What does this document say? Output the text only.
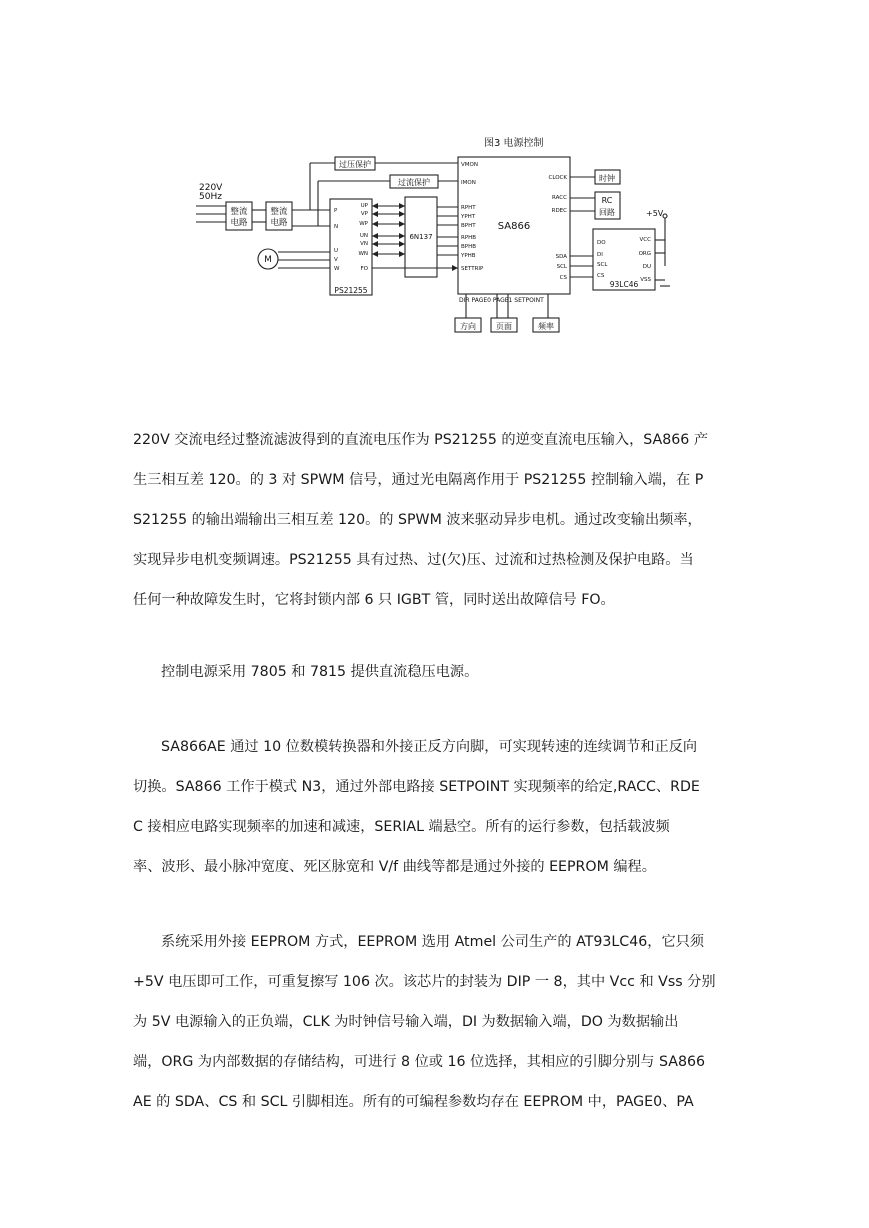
图3 电源控制
220V
50Hz
整流
电路
整流
电路
M
PS21255
6N137
SA866
过压保护
过流保护	时钟
RC
回路
93LC46
+5V
方向	页面	频率
DIR PAGE0 PAGE1 SETPOINT
P
N
U
V
W
UP
VP
WP
UN
VN
WN
FO
VMON
IMON
RPHT
YPHT
BPHT
RPHB
BPHB
YPHB
SETTRIP
CLOCK
RACC
RDEC
SDA
SCL
CS
DO
DI
SCL
CS
VCC
ORG
DU
VSS
220V 交流电经过整流滤波得到的直流电压作为 PS21255 的逆变直流电压输入，SA866 产
生三相互差 120。的 3 对 SPWM 信号，通过光电隔离作用于 PS21255 控制输入端，在 P
S21255 的输出端输出三相互差 120。的 SPWM 波来驱动异步电机。通过改变输出频率，
实现异步电机变频调速。PS21255 具有过热、过(欠)压、过流和过热检测及保护电路。当
任何一种故障发生时，它将封锁内部 6 只 IGBT 管，同时送出故障信号 FO。
控制电源采用 7805 和 7815 提供直流稳压电源。
SA866AE 通过 10 位数模转换器和外接正反方向脚，可实现转速的连续调节和正反向
切换。SA866 工作于模式 N3，通过外部电路接 SETPOINT 实现频率的给定,RACC、RDE
C 接相应电路实现频率的加速和减速，SERIAL 端悬空。所有的运行参数，包括载波频
率、波形、最小脉冲宽度、死区脉宽和 V/f 曲线等都是通过外接的 EEPROM 编程。
系统采用外接 EEPROM 方式，EEPROM 选用 Atmel 公司生产的 AT93LC46，它只须
+5V 电压即可工作，可重复擦写 106 次。该芯片的封装为 DIP 一 8，其中 Vcc 和 Vss 分别
为 5V 电源输入的正负端，CLK 为时钟信号输入端，DI 为数据输入端，DO 为数据输出
端，ORG 为内部数据的存储结构，可进行 8 位或 16 位选择，其相应的引脚分别与 SA866
AE 的 SDA、CS 和 SCL 引脚相连。所有的可编程参数均存在 EEPROM 中，PAGE0、PA
